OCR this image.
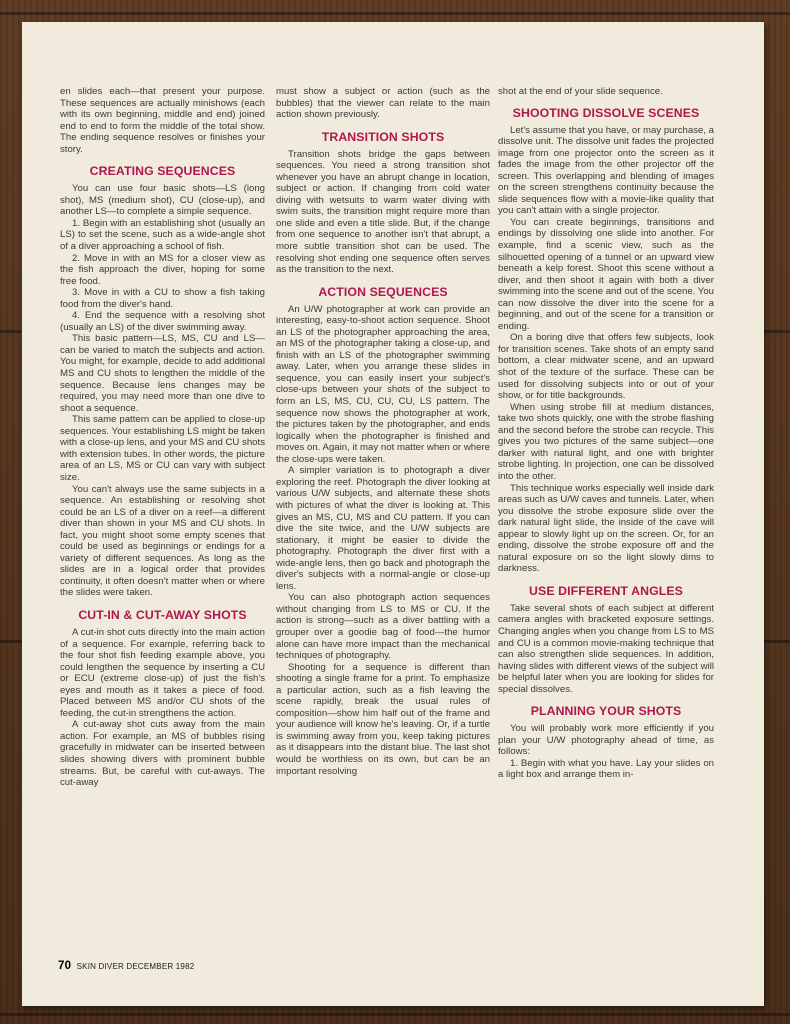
en slides each—that present your purpose. These sequences are actually minishows (each with its own beginning, middle and end) joined end to end to form the middle of the total show. The ending sequence resolves or finishes your story.

CREATING SEQUENCES

You can use four basic shots—LS (long shot), MS (medium shot), CU (close-up), and another LS—to complete a simple sequence.

1. Begin with an establishing shot (usually an LS) to set the scene, such as a wide-angle shot of a diver approaching a school of fish.

2. Move in with an MS for a closer view as the fish approach the diver, hoping for some free food.

3. Move in with a CU to show a fish taking food from the diver's hand.

4. End the sequence with a resolving shot (usually an LS) of the diver swimming away.

This basic pattern—LS, MS, CU and LS—can be varied to match the subjects and action. You might, for example, decide to add additional MS and CU shots to lengthen the middle of the sequence. Because lens changes may be required, you may need more than one dive to shoot a sequence.

This same pattern can be applied to close-up sequences. Your establishing LS might be taken with a close-up lens, and your MS and CU shots with extension tubes. In other words, the picture area of an LS, MS or CU can vary with subject size.

You can't always use the same subjects in a sequence. An establishing or resolving shot could be an LS of a diver on a reef—a different diver than shown in your MS and CU shots. In fact, you might shoot some empty scenes that could be used as beginnings or endings for a variety of different sequences. As long as the slides are in a logical order that provides continuity, it often doesn't matter when or where the slides were taken.

CUT-IN & CUT-AWAY SHOTS

A cut-in shot cuts directly into the main action of a sequence. For example, referring back to the four shot fish feeding example above, you could lengthen the sequence by inserting a CU or ECU (extreme close-up) of just the fish's eyes and mouth as it takes a piece of food. Placed between MS and/or CU shots of the feeding, the cut-in strengthens the action.

A cut-away shot cuts away from the main action. For example, an MS of bubbles rising gracefully in midwater can be inserted between slides showing divers with prominent bubble streams. But, be careful with cut-aways. The cut-away

must show a subject or action (such as the bubbles) that the viewer can relate to the main action shown previously.

TRANSITION SHOTS

Transition shots bridge the gaps between sequences. You need a strong transition shot whenever you have an abrupt change in location, subject or action. If changing from cold water diving with wetsuits to warm water diving with swim suits, the transition might require more than one slide and even a title slide. But, if the change from one sequence to another isn't that abrupt, a more subtle transition shot can be used. The resolving shot ending one sequence often serves as the transition to the next.

ACTION SEQUENCES

An U/W photographer at work can provide an interesting, easy-to-shoot action sequence. Shoot an LS of the photographer approaching the area, an MS of the photographer taking a close-up, and finish with an LS of the photographer swimming away. Later, when you arrange these slides in sequence, you can easily insert your subject's close-ups between your shots of the subject to form an LS, MS, CU, CU, CU, LS pattern. The sequence now shows the photographer at work, the pictures taken by the photographer, and ends logically when the photographer is finished and moves on. Again, it may not matter when or where the close-ups were taken.

A simpler variation is to photograph a diver exploring the reef. Photograph the diver looking at various U/W subjects, and alternate these shots with pictures of what the diver is looking at. This gives an MS, CU, MS and CU pattern. If you can dive the site twice, and the U/W subjects are stationary, it might be easier to divide the photography. Photograph the diver first with a wide-angle lens, then go back and photograph the diver's subjects with a normal-angle or close-up lens.

You can also photograph action sequences without changing from LS to MS or CU. If the action is strong—such as a diver battling with a grouper over a goodie bag of food—the humor alone can have more impact than the mechanical techniques of photography.

Shooting for a sequence is different than shooting a single frame for a print. To emphasize a particular action, such as a fish leaving the scene rapidly, break the usual rules of composition—show him half out of the frame and your audience will know he's leaving. Or, if a turtle is swimming away from you, keep taking pictures as it disappears into the distant blue. The last shot would be worthless on its own, but can be an important resolving

shot at the end of your slide sequence.

SHOOTING DISSOLVE SCENES

Let's assume that you have, or may purchase, a dissolve unit. The dissolve unit fades the projected image from one projector onto the screen as it fades the image from the other projector off the screen. This overlapping and blending of images on the screen strengthens continuity because the slide sequences flow with a movie-like quality that you can't attain with a single projector.

You can create beginnings, transitions and endings by dissolving one slide into another. For example, find a scenic view, such as the silhouetted opening of a tunnel or an upward view beneath a kelp forest. Shoot this scene without a diver, and then shoot it again with both a diver swimming into the scene and out of the scene. You can now dissolve the diver into the scene for a beginning, and out of the scene for a transition or ending.

On a boring dive that offers few subjects, look for transition scenes. Take shots of an empty sand bottom, a clear midwater scene, and an upward shot of the texture of the surface. These can be used for dissolving subjects into or out of your show, or for title backgrounds.

When using strobe fill at medium distances, take two shots quickly, one with the strobe flashing and the second before the strobe can recycle. This gives you two pictures of the same subject—one darker with natural light, and one with brighter strobe lighting. In projection, one can be dissolved into the other.

This technique works especially well inside dark areas such as U/W caves and tunnels. Later, when you dissolve the strobe exposure slide over the dark natural light slide, the inside of the cave will appear to slowly light up on the screen. Or, for an ending, dissolve the strobe exposure off and the natural exposure on so the light slowly dims to darkness.

USE DIFFERENT ANGLES

Take several shots of each subject at different camera angles with bracketed exposure settings. Changing angles when you change from LS to MS and CU is a common movie-making technique that can also strengthen slide sequences. In addition, having slides with different views of the subject will be helpful later when you are looking for slides for special dissolves.

PLANNING YOUR SHOTS

You will probably work more efficiently if you plan your U/W photography ahead of time, as follows:

1. Begin with what you have. Lay your slides on a light box and arrange them in-

70 SKIN DIVER DECEMBER 1982
